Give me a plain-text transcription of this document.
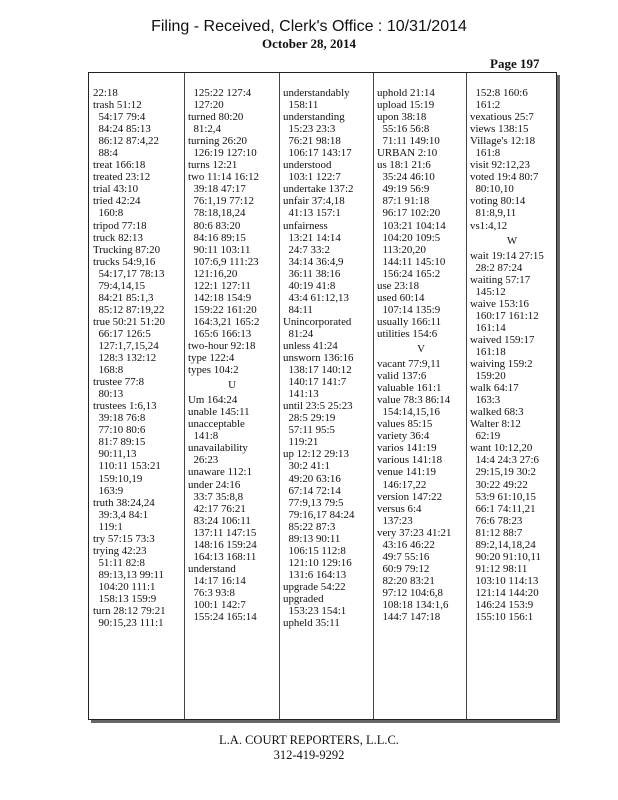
Filing - Received, Clerk's Office : 10/31/2014
October 28, 2014
Page 197
22:18
trash 51:12
54:17 79:4
84:24 85:13
86:12 87:4,22
88:4
treat 166:18
treated 23:12
trial 43:10
tried 42:24
160:8
tripod 77:18
truck 82:13
Trucking 87:20
trucks 54:9,16
54:17,17 78:13
79:4,14,15
84:21 85:1,3
85:12 87:19,22
true 50:21 51:20
66:17 126:5
127:1,7,15,24
128:3 132:12
168:8
trustee 77:8
80:13
trustees 1:6,13
39:18 76:8
77:10 80:6
81:7 89:15
90:11,13
110:11 153:21
159:10,19
163:9
truth 38:24,24
39:3,4 84:1
119:1
try 57:15 73:3
trying 42:23
51:11 82:8
89:13,13 99:11
104:20 111:1
158:13 159:9
turn 28:12 79:21
90:15,23 111:1
125:22 127:4
127:20
turned 80:20
81:2,4
turning 26:20
126:19 127:10
turns 12:21
two 11:14 16:12
39:18 47:17
76:1,19 77:12
78:18,18,24
80:6 83:20
84:16 89:15
90:11 103:11
107:6,9 111:23
121:16,20
122:1 127:11
142:18 154:9
159:22 161:20
164:3,21 165:2
165:6 166:13
two-hour 92:18
type 122:4
types 104:2
U
Um 164:24
unable 145:11
unacceptable
141:8
unavailability
26:23
unaware 112:1
under 24:16
33:7 35:8,8
42:17 76:21
83:24 106:11
137:11 147:15
148:16 159:24
164:13 168:11
understand
14:17 16:14
76:3 93:8
100:1 142:7
155:24 165:14
understandably
158:11
understanding
15:23 23:3
76:21 98:18
106:17 143:17
understood
103:1 122:7
undertake 137:2
unfair 37:4,18
41:13 157:1
unfairness
13:21 14:14
24:7 33:2
34:14 36:4,9
36:11 38:16
40:19 41:8
43:4 61:12,13
84:11
Unincorporated
81:24
unless 41:24
unsworn 136:16
138:17 140:12
140:17 141:7
141:13
until 23:5 25:23
28:5 29:19
57:11 95:5
119:21
up 12:12 29:13
30:2 41:1
49:20 63:16
67:14 72:14
77:9,13 79:5
79:16,17 84:24
85:22 87:3
89:13 90:11
106:15 112:8
121:10 129:16
131:6 164:13
upgrade 54:22
upgraded
153:23 154:1
upheld 35:11
uphold 21:14
upload 15:19
upon 38:18
55:16 56:8
71:11 149:10
URBAN 2:10
us 18:1 21:6
35:24 46:10
49:19 56:9
87:1 91:18
96:17 102:20
103:21 104:14
104:20 109:5
113:20,20
144:11 145:10
156:24 165:2
use 23:18
used 60:14
107:14 135:9
usually 166:11
utilities 154:6
V
vacant 77:9,11
valid 137:6
valuable 161:1
value 78:3 86:14
154:14,15,16
values 85:15
variety 36:4
varios 141:19
various 141:18
venue 141:19
146:17,22
version 147:22
versus 6:4
137:23
very 37:23 41:21
43:16 46:22
49:7 55:16
60:9 79:12
82:20 83:21
97:12 104:6,8
108:18 134:1,6
144:7 147:18
152:8 160:6
161:2
vexatious 25:7
views 138:15
Village's 12:18
161:8
visit 92:12,23
voted 19:4 80:7
80:10,10
voting 80:14
81:8,9,11
vs1:4,12
W
wait 19:14 27:15
28:2 87:24
waiting 57:17
145:12
waive 153:16
160:17 161:12
161:14
waived 159:17
161:18
waiving 159:2
159:20
walk 64:17
163:3
walked 68:3
Walter 8:12
62:19
want 10:12,20
14:4 24:3 27:6
29:15,19 30:2
30:22 49:22
53:9 61:10,15
66:1 74:11,21
76:6 78:23
81:12 88:7
89:2,14,18,24
90:20 91:10,11
91:12 98:11
103:10 114:13
121:14 144:20
146:24 153:9
155:10 156:1
L.A. COURT REPORTERS, L.L.C.
312-419-9292
